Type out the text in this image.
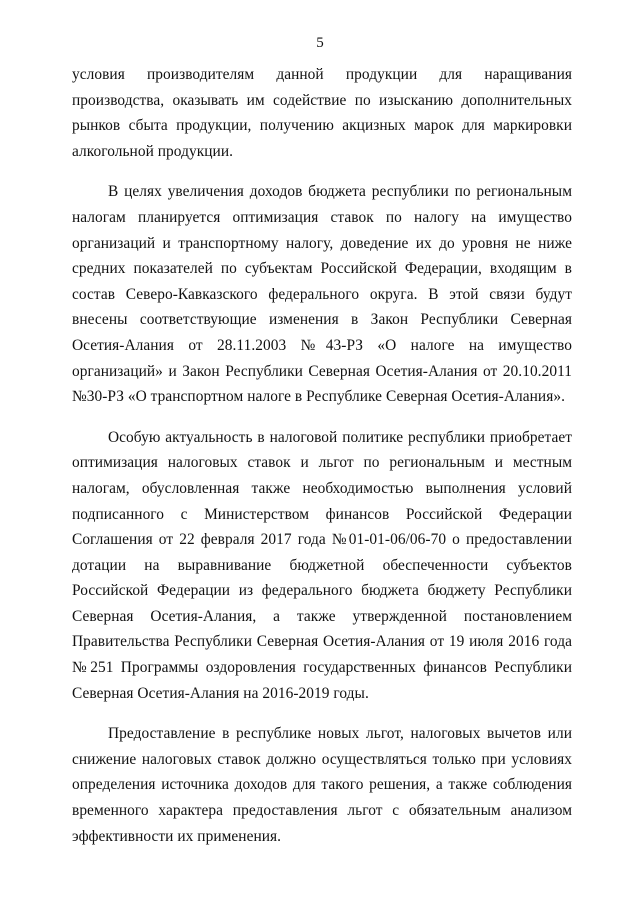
5

условия производителям данной продукции для наращивания производства, оказывать им содействие по изысканию дополнительных рынков сбыта продукции, получению акцизных марок для маркировки алкогольной продукции.

В целях увеличения доходов бюджета республики по региональным налогам планируется оптимизация ставок по налогу на имущество организаций и транспортному налогу, доведение их до уровня не ниже средних показателей по субъектам Российской Федерации, входящим в состав Северо-Кавказского федерального округа. В этой связи будут внесены соответствующие изменения в Закон Республики Северная Осетия-Алания от 28.11.2003 №43-РЗ «О налоге на имущество организаций» и Закон Республики Северная Осетия-Алания от 20.10.2011 №30-РЗ «О транспортном налоге в Республике Северная Осетия-Алания».

Особую актуальность в налоговой политике республики приобретает оптимизация налоговых ставок и льгот по региональным и местным налогам, обусловленная также необходимостью выполнения условий подписанного с Министерством финансов Российской Федерации Соглашения от 22 февраля 2017 года №01-01-06/06-70 о предоставлении дотации на выравнивание бюджетной обеспеченности субъектов Российской Федерации из федерального бюджета бюджету Республики Северная Осетия-Алания, а также утвержденной постановлением Правительства Республики Северная Осетия-Алания от 19 июля 2016 года №251 Программы оздоровления государственных финансов Республики Северная Осетия-Алания на 2016-2019 годы.

Предоставление в республике новых льгот, налоговых вычетов или снижение налоговых ставок должно осуществляться только при условиях определения источника доходов для такого решения, а также соблюдения временного характера предоставления льгот с обязательным анализом эффективности их применения.
